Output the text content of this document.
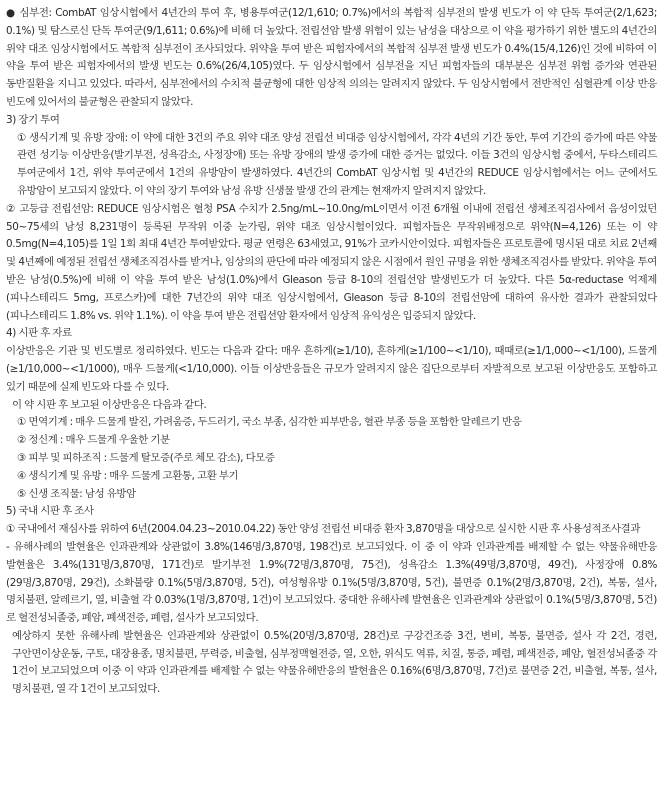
● 심부전: CombAT 임상시험에서 4년간의 투여 후, 병용투여군(12/1,610; 0.7%)에서의 복합적 심부전의 발생 빈도가 이 약 단독 투여군(2/1,623; 0.1%) 및 탐스로신 단독 투여군(9/1,611; 0.6%)에 비해 더 높았다. 전립선암 발생 위험이 있는 남성을 대상으로 이 약을 평가하기 위한 별도의 4년간의 위약 대조 임상시험에서도 복합적 심부전이 조사되었다. 위약을 투여 받은 피험자에서의 복합적 심부전 발생 빈도가 0.4%(15/4,126)인 것에 비하여 이 약을 투여 받은 피험자에서의 발생 빈도는 0.6%(26/4,105)였다. 두 임상시험에서 심부전을 지닌 피험자들의 대부분은 심부전 위험 증가와 연관된 동반질환을 지니고 있었다. 따라서, 심부전에서의 수치적 불균형에 대한 임상적 의의는 알려지지 않았다. 두 임상시험에서 전반적인 심혈관계 이상 반응 빈도에 있어서의 불균형은 관찰되지 않았다.

3) 장기 투여

① 생식기계 및 유방 장애: 이 약에 대한 3건의 주요 위약 대조 양성 전립선 비대증 임상시험에서, 각각 4년의 기간 동안, 투여 기간의 증가에 따른 약물 관련 성기능 이상반응(발기부전, 성욕감소, 사정장애) 또는 유방 장애의 발생 증가에 대한 증거는 없었다. 이들 3건의 임상시험 중에서, 두타스테리드 투여군에서 1건, 위약 투여군에서 1건의 유방암이 발생하였다. 4년간의 CombAT 임상시험 및 4년간의 REDUCE 임상시험에서는 어느 군에서도 유방암이 보고되지 않았다. 이 약의 장기 투여와 남성 유방 신생물 발생 간의 관계는 현재까지 알려지지 않았다.

② 고등급 전립선암: REDUCE 임상시험은 혈청 PSA 수치가 2.5ng/mL~10.0ng/mL이면서 이전 6개월 이내에 전립선 생체조직검사에서 음성이었던 50~75세의 남성 8,231명이 등록된 무작위 이중 눈가림, 위약 대조 임상시험이었다. 피험자들은 무작위배정으로 위약(N=4,126) 또는 이 약 0.5mg(N=4,105)를 1일 1회 최대 4년간 투여받았다. 평균 연령은 63세였고, 91%가 코카시안이었다. 피험자들은 프로토콜에 명시된 대로 치료 2년째 및 4년째에 예정된 전립선 생체조직검사를 받거나, 임상의의 판단에 따라 예정되지 않은 시점에서 원인 규명을 위한 생체조직검사를 받았다. 위약을 투여 받은 남성(0.5%)에 비해 이 약을 투여 받은 남성(1.0%)에서 Gleason 등급 8-10의 전립선암 발생빈도가 더 높았다. 다른 5α-reductase 억제제(피나스테리드 5mg, 프로스카)에 대한 7년간의 위약 대조 임상시험에서, Gleason 등급 8-10의 전립선암에 대하여 유사한 결과가 관찰되었다 (피나스테리드 1.8% vs. 위약 1.1%). 이 약을 투여 받은 전립선암 환자에서 임상적 유익성은 입증되지 않았다.

4) 시판 후 자료

이상반응은 기관 및 빈도별로 정리하였다. 빈도는 다음과 같다: 매우 흔하게(≥1/10), 흔하게(≥1/100~<1/10), 때때로(≥1/1,000~<1/100), 드물게(≥1/10,000~<1/1000), 매우 드물게(<1/10,000). 이들 이상반응들은 규모가 알려지지 않은 집단으로부터 자발적으로 보고된 이상반응도 포함하고 있기 때문에 실제 빈도와 다를 수 있다.

이 약 시판 후 보고된 이상반응은 다음과 같다.

① 면역기계 : 매우 드물게 발진, 가려움증, 두드러기, 국소 부종, 심각한 피부반응, 혈관 부종 등을 포함한 알레르기 반응

② 정신계 : 매우 드물게 우울한 기분

③ 피부 및 피하조직 : 드물게 탈모증(주로 체모 감소), 다모증

④ 생식기계 및 유방 : 매우 드물게 고환통, 고환 부기

⑤ 신생 조직물: 남성 유방암

5) 국내 시판 후 조사

① 국내에서 재심사를 위하여 6년(2004.04.23~2010.04.22) 동안 양성 전립선 비대증 환자 3,870명을 대상으로 실시한 시판 후 사용성적조사결과

- 유해사례의 발현율은 인과관계와 상관없이 3.8%(146명/3,870명, 198건)로 보고되었다. 이 중 이 약과 인과관계를 배제할 수 없는 약물유해반응 발현율은 3.4%(131명/3,870명, 171건)로 발기부전 1.9%(72명/3,870명, 75건), 성욕감소 1.3%(49명/3,870명, 49건), 사정장애 0.8%(29명/3,870명, 29건), 소화불량 0.1%(5명/3,870명, 5건), 여성형유방 0.1%(5명/3,870명, 5건), 불면증 0.1%(2명/3,870명, 2건), 복통, 설사, 명치불편, 알레르기, 열, 비출혈 각 0.03%(1명/3,870명, 1건)이 보고되었다. 중대한 유해사례 발현율은 인과관계와 상관없이 0.1%(5명/3,870명, 5건)로 혈전성뇌졸중, 폐암, 폐색전증, 폐렴, 설사가 보고되었다.

예상하지 못한 유해사례 발현율은 인과관계와 상관없이 0.5%(20명/3,870명, 28건)로 구강건조증 3건, 변비, 복통, 불면증, 설사 각 2건, 경련, 구안면이상운동, 구토, 대장용종, 명치불편, 무력증, 비출혈, 심부정맥혈전증, 열, 오한, 위식도 역류, 치질, 통증, 폐렴, 폐색전증, 폐암, 혈전성뇌졸중 각 1건이 보고되었으며 이중 이 약과 인과관계를 배제할 수 없는 약물유해반응의 발현율은 0.16%(6명/3,870명, 7건)로 불면증 2건, 비출혈, 복통, 설사, 명치불편, 열 각 1건이 보고되었다.
